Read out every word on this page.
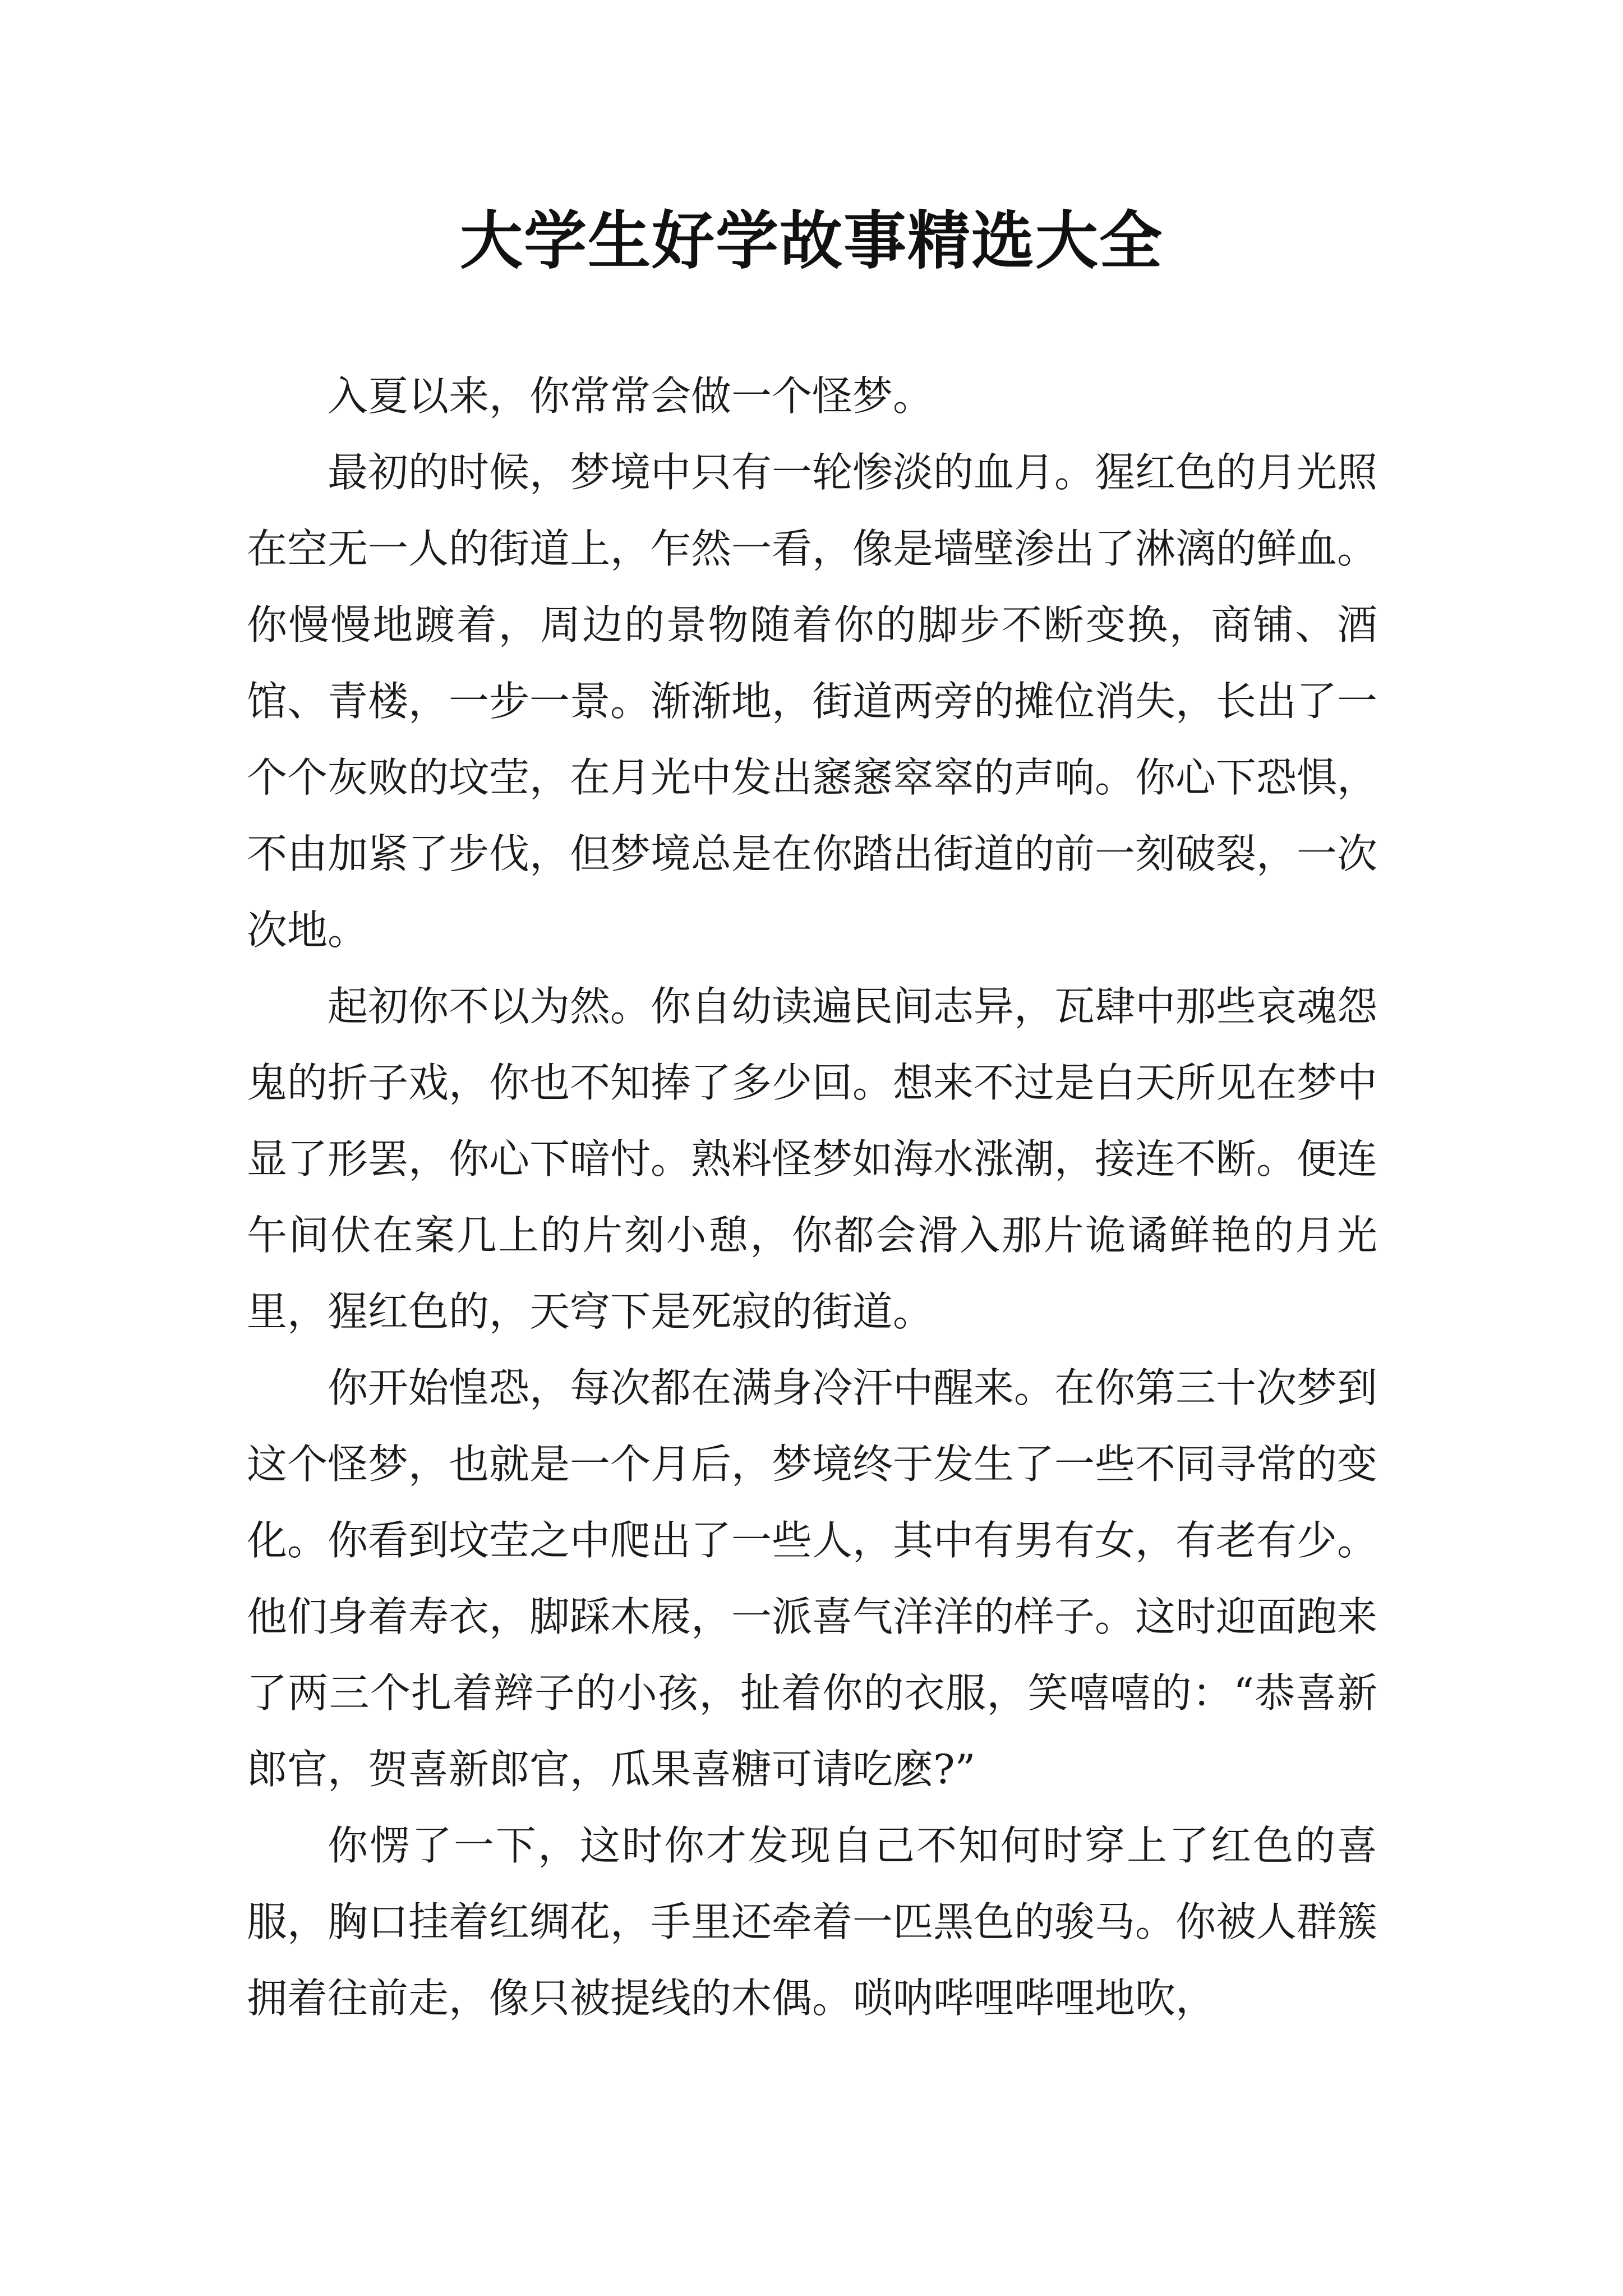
大学生好学故事精选大全

入夏以来，你常常会做一个怪梦。

最初的时候，梦境中只有一轮惨淡的血月。猩红色的月光照在空无一人的街道上，乍然一看，像是墙壁渗出了淋漓的鲜血。你慢慢地踱着，周边的景物随着你的脚步不断变换，商铺、酒馆、青楼，一步一景。渐渐地，街道两旁的摊位消失，长出了一个个灰败的坟茔，在月光中发出窸窸窣窣的声响。你心下恐惧，不由加紧了步伐，但梦境总是在你踏出街道的前一刻破裂，一次次地。

起初你不以为然。你自幼读遍民间志异，瓦肆中那些哀魂怨鬼的折子戏，你也不知捧了多少回。想来不过是白天所见在梦中显了形罢，你心下暗忖。熟料怪梦如海水涨潮，接连不断。便连午间伏在案几上的片刻小憩，你都会滑入那片诡谲鲜艳的月光里，猩红色的，天穹下是死寂的街道。

你开始惶恐，每次都在满身冷汗中醒来。在你第三十次梦到这个怪梦，也就是一个月后，梦境终于发生了一些不同寻常的变化。你看到坟茔之中爬出了一些人，其中有男有女，有老有少。他们身着寿衣，脚踩木屐，一派喜气洋洋的样子。这时迎面跑来了两三个扎着辫子的小孩，扯着你的衣服，笑嘻嘻的：“恭喜新郎官，贺喜新郎官，瓜果喜糖可请吃麽?”

你愣了一下，这时你才发现自己不知何时穿上了红色的喜服，胸口挂着红绸花，手里还牵着一匹黑色的骏马。你被人群簇拥着往前走，像只被提线的木偶。唢呐哔哩哔哩地吹，
